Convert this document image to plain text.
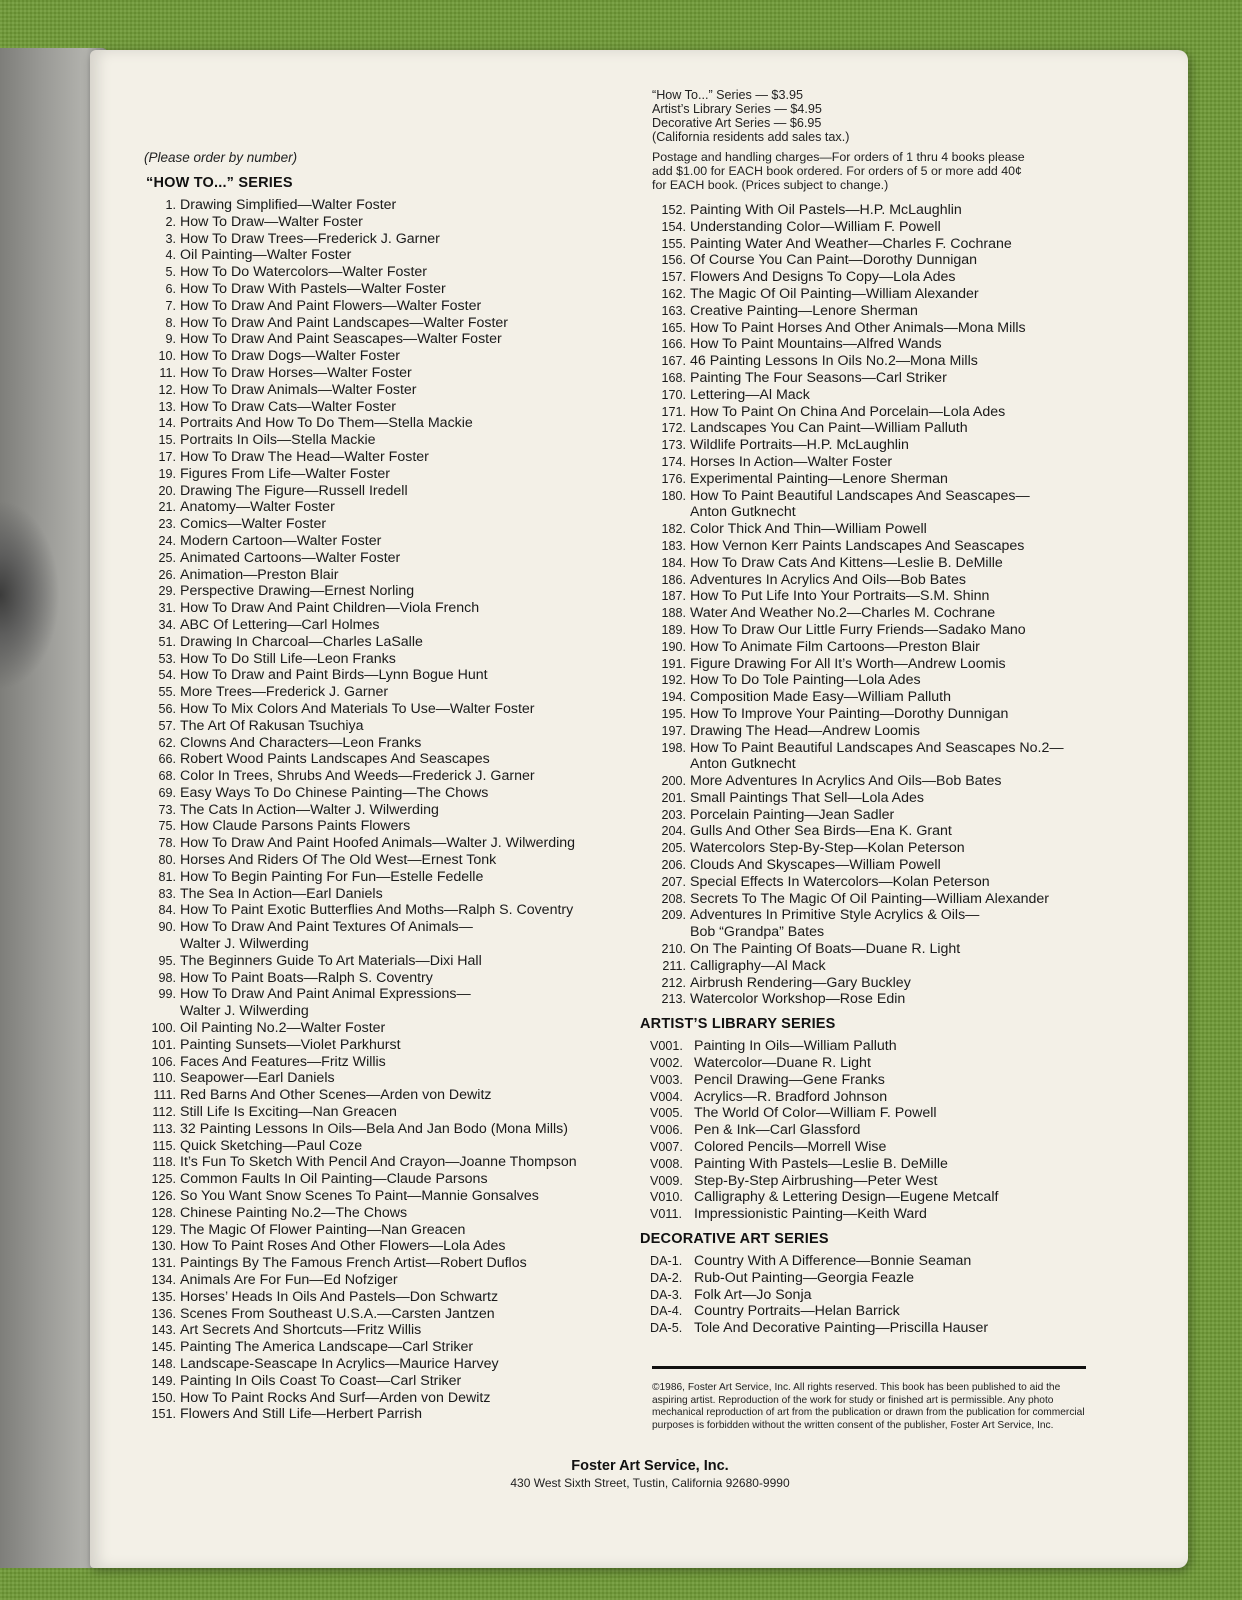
(Please order by number)
“HOW TO...” SERIES
1. Drawing Simplified—Walter Foster
2. How To Draw—Walter Foster
3. How To Draw Trees—Frederick J. Garner
4. Oil Painting—Walter Foster
5. How To Do Watercolors—Walter Foster
6. How To Draw With Pastels—Walter Foster
7. How To Draw And Paint Flowers—Walter Foster
8. How To Draw And Paint Landscapes—Walter Foster
9. How To Draw And Paint Seascapes—Walter Foster
10. How To Draw Dogs—Walter Foster
11. How To Draw Horses—Walter Foster
12. How To Draw Animals—Walter Foster
13. How To Draw Cats—Walter Foster
14. Portraits And How To Do Them—Stella Mackie
15. Portraits In Oils—Stella Mackie
17. How To Draw The Head—Walter Foster
19. Figures From Life—Walter Foster
20. Drawing The Figure—Russell Iredell
21. Anatomy—Walter Foster
23. Comics—Walter Foster
24. Modern Cartoon—Walter Foster
25. Animated Cartoons—Walter Foster
26. Animation—Preston Blair
29. Perspective Drawing—Ernest Norling
31. How To Draw And Paint Children—Viola French
34. ABC Of Lettering—Carl Holmes
51. Drawing In Charcoal—Charles LaSalle
53. How To Do Still Life—Leon Franks
54. How To Draw and Paint Birds—Lynn Bogue Hunt
55. More Trees—Frederick J. Garner
56. How To Mix Colors And Materials To Use—Walter Foster
57. The Art Of Rakusan Tsuchiya
62. Clowns And Characters—Leon Franks
66. Robert Wood Paints Landscapes And Seascapes
68. Color In Trees, Shrubs And Weeds—Frederick J. Garner
69. Easy Ways To Do Chinese Painting—The Chows
73. The Cats In Action—Walter J. Wilwerding
75. How Claude Parsons Paints Flowers
78. How To Draw And Paint Hoofed Animals—Walter J. Wilwerding
80. Horses And Riders Of The Old West—Ernest Tonk
81. How To Begin Painting For Fun—Estelle Fedelle
83. The Sea In Action—Earl Daniels
84. How To Paint Exotic Butterflies And Moths—Ralph S. Coventry
90. How To Draw And Paint Textures Of Animals—
Walter J. Wilwerding
95. The Beginners Guide To Art Materials—Dixi Hall
98. How To Paint Boats—Ralph S. Coventry
99. How To Draw And Paint Animal Expressions—
Walter J. Wilwerding
100. Oil Painting No.2—Walter Foster
101. Painting Sunsets—Violet Parkhurst
106. Faces And Features—Fritz Willis
110. Seapower—Earl Daniels
111. Red Barns And Other Scenes—Arden von Dewitz
112. Still Life Is Exciting—Nan Greacen
113. 32 Painting Lessons In Oils—Bela And Jan Bodo (Mona Mills)
115. Quick Sketching—Paul Coze
118. It’s Fun To Sketch With Pencil And Crayon—Joanne Thompson
125. Common Faults In Oil Painting—Claude Parsons
126. So You Want Snow Scenes To Paint—Mannie Gonsalves
128. Chinese Painting No.2—The Chows
129. The Magic Of Flower Painting—Nan Greacen
130. How To Paint Roses And Other Flowers—Lola Ades
131. Paintings By The Famous French Artist—Robert Duflos
134. Animals Are For Fun—Ed Nofziger
135. Horses’ Heads In Oils And Pastels—Don Schwartz
136. Scenes From Southeast U.S.A.—Carsten Jantzen
143. Art Secrets And Shortcuts—Fritz Willis
145. Painting The America Landscape—Carl Striker
148. Landscape-Seascape In Acrylics—Maurice Harvey
149. Painting In Oils Coast To Coast—Carl Striker
150. How To Paint Rocks And Surf—Arden von Dewitz
151. Flowers And Still Life—Herbert Parrish
“How To...” Series — $3.95
Artist’s Library Series — $4.95
Decorative Art Series — $6.95
(California residents add sales tax.)
Postage and handling charges—For orders of 1 thru 4 books please add $1.00 for EACH book ordered. For orders of 5 or more add 40¢ for EACH book. (Prices subject to change.)
152. Painting With Oil Pastels—H.P. McLaughlin
154. Understanding Color—William F. Powell
155. Painting Water And Weather—Charles F. Cochrane
156. Of Course You Can Paint—Dorothy Dunnigan
157. Flowers And Designs To Copy—Lola Ades
162. The Magic Of Oil Painting—William Alexander
163. Creative Painting—Lenore Sherman
165. How To Paint Horses And Other Animals—Mona Mills
166. How To Paint Mountains—Alfred Wands
167. 46 Painting Lessons In Oils No.2—Mona Mills
168. Painting The Four Seasons—Carl Striker
170. Lettering—Al Mack
171. How To Paint On China And Porcelain—Lola Ades
172. Landscapes You Can Paint—William Palluth
173. Wildlife Portraits—H.P. McLaughlin
174. Horses In Action—Walter Foster
176. Experimental Painting—Lenore Sherman
180. How To Paint Beautiful Landscapes And Seascapes—
Anton Gutknecht
182. Color Thick And Thin—William Powell
183. How Vernon Kerr Paints Landscapes And Seascapes
184. How To Draw Cats And Kittens—Leslie B. DeMille
186. Adventures In Acrylics And Oils—Bob Bates
187. How To Put Life Into Your Portraits—S.M. Shinn
188. Water And Weather No.2—Charles M. Cochrane
189. How To Draw Our Little Furry Friends—Sadako Mano
190. How To Animate Film Cartoons—Preston Blair
191. Figure Drawing For All It’s Worth—Andrew Loomis
192. How To Do Tole Painting—Lola Ades
194. Composition Made Easy—William Palluth
195. How To Improve Your Painting—Dorothy Dunnigan
197. Drawing The Head—Andrew Loomis
198. How To Paint Beautiful Landscapes And Seascapes No.2—
Anton Gutknecht
200. More Adventures In Acrylics And Oils—Bob Bates
201. Small Paintings That Sell—Lola Ades
203. Porcelain Painting—Jean Sadler
204. Gulls And Other Sea Birds—Ena K. Grant
205. Watercolors Step-By-Step—Kolan Peterson
206. Clouds And Skyscapes—William Powell
207. Special Effects In Watercolors—Kolan Peterson
208. Secrets To The Magic Of Oil Painting—William Alexander
209. Adventures In Primitive Style Acrylics & Oils—
Bob “Grandpa” Bates
210. On The Painting Of Boats—Duane R. Light
211. Calligraphy—Al Mack
212. Airbrush Rendering—Gary Buckley
213. Watercolor Workshop—Rose Edin
ARTIST’S LIBRARY SERIES
V001. Painting In Oils—William Palluth
V002. Watercolor—Duane R. Light
V003. Pencil Drawing—Gene Franks
V004. Acrylics—R. Bradford Johnson
V005. The World Of Color—William F. Powell
V006. Pen & Ink—Carl Glassford
V007. Colored Pencils—Morrell Wise
V008. Painting With Pastels—Leslie B. DeMille
V009. Step-By-Step Airbrushing—Peter West
V010. Calligraphy & Lettering Design—Eugene Metcalf
V011. Impressionistic Painting—Keith Ward
DECORATIVE ART SERIES
DA-1. Country With A Difference—Bonnie Seaman
DA-2. Rub-Out Painting—Georgia Feazle
DA-3. Folk Art—Jo Sonja
DA-4. Country Portraits—Helan Barrick
DA-5. Tole And Decorative Painting—Priscilla Hauser
©1986, Foster Art Service, Inc. All rights reserved. This book has been published to aid the aspiring artist. Reproduction of the work for study or finished art is permissible. Any photo mechanical reproduction of art from the publication or drawn from the publication for commercial purposes is forbidden without the written consent of the publisher, Foster Art Service, Inc.
Foster Art Service, Inc.
430 West Sixth Street, Tustin, California 92680-9990
